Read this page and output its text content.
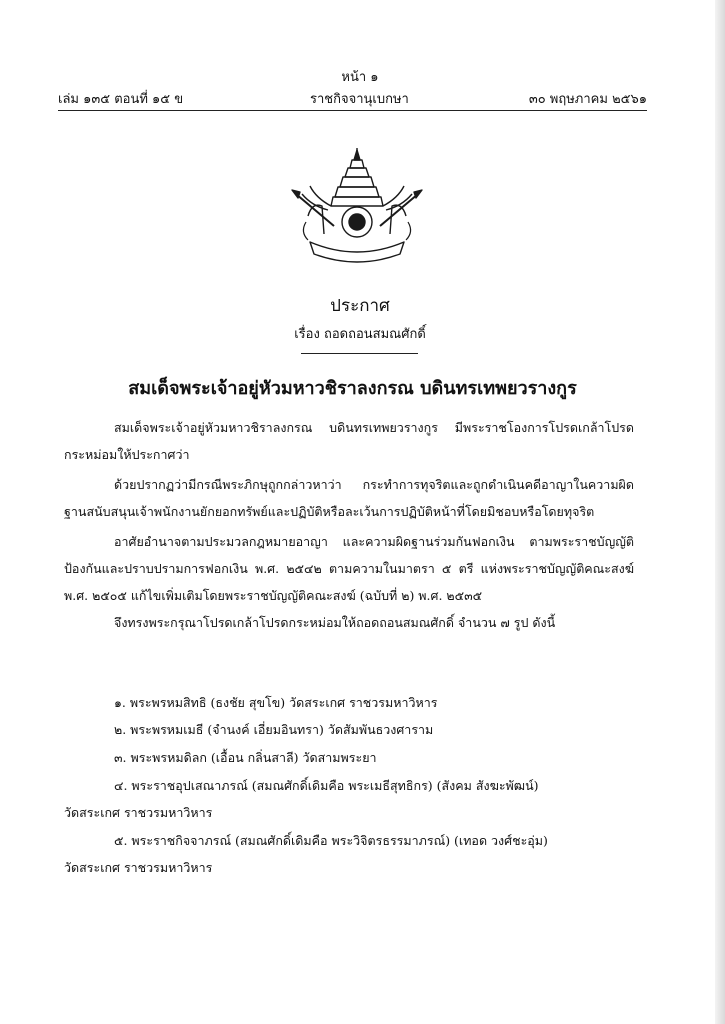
หน้า ๑
เล่ม ๑๓๕ ตอนที่ ๑๕ ข	ราชกิจจานุเบกษา	๓๐ พฤษภาคม ๒๕๖๑
ประกาศ
เรื่อง ถอดถอนสมณศักดิ์
สมเด็จพระเจ้าอยู่หัวมหาวชิราลงกรณ บดินทรเทพยวรางกูร

สมเด็จพระเจ้าอยู่หัวมหาวชิราลงกรณ บดินทรเทพยวรางกูร มีพระราชโองการโปรดเกล้าโปรดกระหม่อมให้ประกาศว่า

ด้วยปรากฏว่ามีกรณีพระภิกษุถูกกล่าวหาว่า กระทำการทุจริตและถูกดำเนินคดีอาญาในความผิดฐานสนับสนุนเจ้าพนักงานยักยอกทรัพย์และปฏิบัติหรือละเว้นการปฏิบัติหน้าที่โดยมิชอบหรือโดยทุจริต

อาศัยอำนาจตามประมวลกฎหมายอาญา และความผิดฐานร่วมกันฟอกเงิน ตามพระราชบัญญัติป้องกันและปราบปรามการฟอกเงิน พ.ศ. ๒๕๔๒ ตามความในมาตรา ๕ ตรี แห่งพระราชบัญญัติคณะสงฆ์ พ.ศ. ๒๕๐๕ แก้ไขเพิ่มเติมโดยพระราชบัญญัติคณะสงฆ์ (ฉบับที่ ๒) พ.ศ. ๒๕๓๕

จึงทรงพระกรุณาโปรดเกล้าโปรดกระหม่อมให้ถอดถอนสมณศักดิ์ จำนวน ๗ รูป ดังนี้

๑. พระพรหมสิทธิ (ธงชัย สุขโข) วัดสระเกศ ราชวรมหาวิหาร
๒. พระพรหมเมธี (จำนงค์ เอี่ยมอินทรา) วัดสัมพันธวงศาราม
๓. พระพรหมดิลก (เอื้อน กลิ่นสาลี) วัดสามพระยา
๔. พระราชอุปเสณาภรณ์ (สมณศักดิ์เดิมคือ พระเมธีสุทธิกร) (สังคม สังฆะพัฒน์)
วัดสระเกศ ราชวรมหาวิหาร
๕. พระราชกิจจาภรณ์ (สมณศักดิ์เดิมคือ พระวิจิตรธรรมาภรณ์) (เทอด วงศ์ชะอุ่ม)
วัดสระเกศ ราชวรมหาวิหาร
